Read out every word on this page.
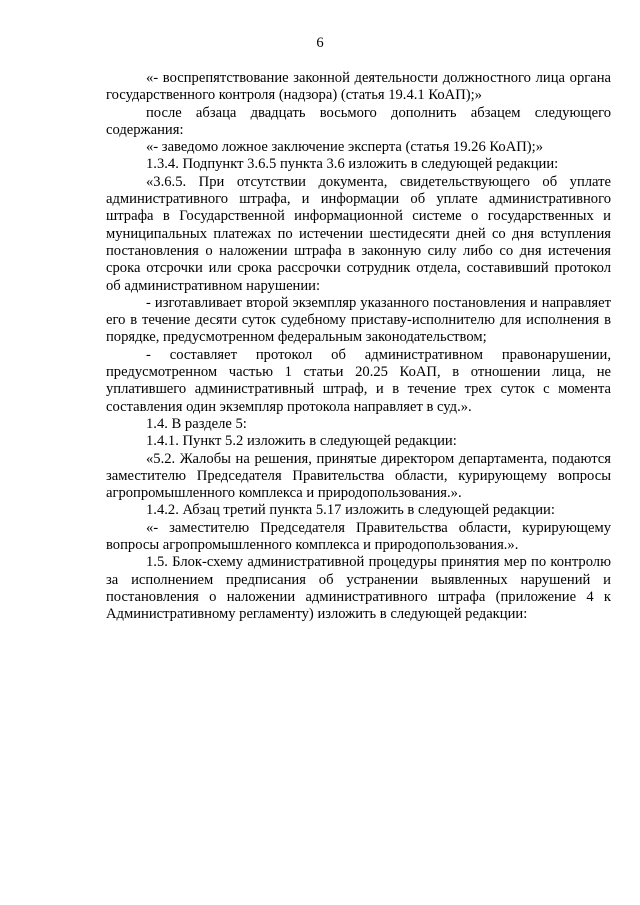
6

«- воспрепятствование законной деятельности должностного лица органа государственного контроля (надзора) (статья 19.4.1 КоАП);»

после абзаца двадцать восьмого дополнить абзацем следующего содержания:

«- заведомо ложное заключение эксперта (статья 19.26 КоАП);»

1.3.4. Подпункт 3.6.5 пункта 3.6 изложить в следующей редакции:

«3.6.5. При отсутствии документа, свидетельствующего об уплате административного штрафа, и информации об уплате административного штрафа в Государственной информационной системе о государственных и муниципальных платежах по истечении шестидесяти дней со дня вступления постановления о наложении штрафа в законную силу либо со дня истечения срока отсрочки или срока рассрочки сотрудник отдела, составивший протокол об административном нарушении:

- изготавливает второй экземпляр указанного постановления и направляет его в течение десяти суток судебному приставу-исполнителю для исполнения в порядке, предусмотренном федеральным законодательством;

- составляет протокол об административном правонарушении, предусмотренном частью 1 статьи 20.25 КоАП, в отношении лица, не уплатившего административный штраф, и в течение трех суток с момента составления один экземпляр протокола направляет в суд.».

1.4. В разделе 5:

1.4.1. Пункт 5.2 изложить в следующей редакции:

«5.2. Жалобы на решения, принятые директором департамента, подаются заместителю Председателя Правительства области, курирующему вопросы агропромышленного комплекса и природопользования.».

1.4.2. Абзац третий пункта 5.17 изложить в следующей редакции:

«- заместителю Председателя Правительства области, курирующему вопросы агропромышленного комплекса и природопользования.».

1.5. Блок-схему административной процедуры принятия мер по контролю за исполнением предписания об устранении выявленных нарушений и постановления о наложении административного штрафа (приложение 4 к Административному регламенту) изложить в следующей редакции:
